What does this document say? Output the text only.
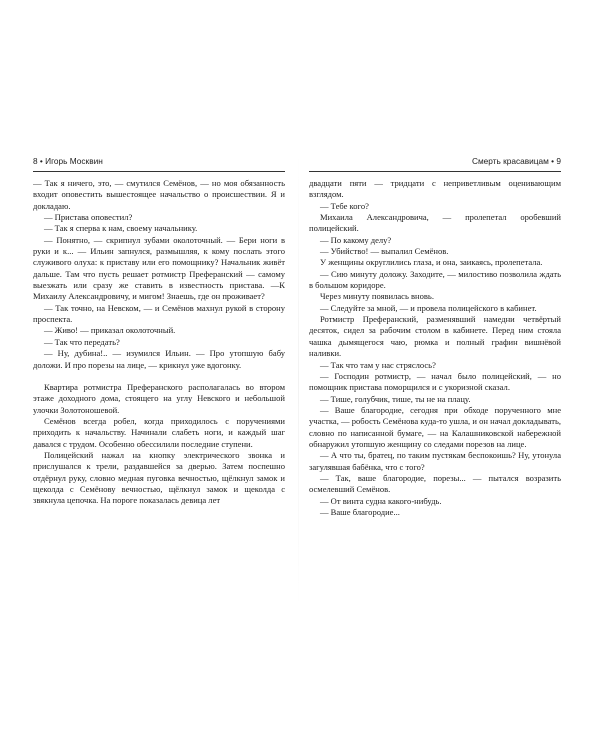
8 • Игорь Москвин

— Так я ничего, это, — смутился Семёнов, — но моя обязанность входит оповестить вышестоящее начальство о происшествии. Я и докладаю.

— Пристава оповестил?

— Так я сперва к нам, своему начальнику.

— Понятно, — скрипнул зубами околоточный. — Бери ноги в руки и к... — Ильин запнулся, размышляя, к кому послать этого служивого олуха: к приставу или его помощнику? Начальник живёт дальше. Там чтo пусть решает ротмистр Преферанский — самому выезжать или сразу же ставить в известность пристава. —К Михаилу Александровичу, и мигом! Знаешь, где он проживает?

— Так точно, на Невском, — и Семёнов махнул рукой в сторону проспекта.

— Живо! — приказал околоточный.

— Так что передать?

— Ну, дубина!.. — изумился Ильин. — Про утопшую бабу доложи. И про порезы на лице, — крикнул уже вдогонку.

Квартира ротмистра Преферанского располагалась во втором этаже доходного дома, стоящего на углу Невского и небольшой улочки Золотоношевой.

Семёнов всегда робел, когда приходилось с поручениями приходить к начальству. Начинали слабеть ноги, и каждый шаг давался с трудом. Особенно обессилили последние ступени.

Полицейский нажал на кнопку электрического звонка и прислушался к трели, раздавшейся за дверью. Затем поспешно отдёрнул руку, словно медная пуговка вечностью, щёлкнул замок и щеколда с Семёнову вечностью, щёлкнул замок и щеколда с звякнула цепочка. На пороге показалась девица лет

Смерть красавицам • 9

двадцати пяти — тридцати с неприветливым оценивающим взглядом.

— Тебе кого?

Михаила Александровича, — пролепетал оробевший полицейский.

— По какому делу?

— Убийство! — выпалил Семёнов.

У женщины округлились глаза, и она, заикаясь, пролепетала.

— Сию минуту доложу. Заходите, — милостиво позволила ждать в большом коридоре.

Через минуту появилась вновь.

— Следуйте за мной, — и провела полицейского в кабинет.

Ротмистр Преферанский, разменявший намедни четвёртый десяток, сидел за рабочим столом в кабинете. Перед ним стояла чашка дымящегося чаю, рюмка и полный графин вишнёвой наливки.

— Так что там у нас стряслось?

— Господин ротмистр, — начал было полицейский, — но помощник пристава поморщился и с укоризной сказал.

— Тише, голубчик, тише, ты не на плацу.

— Ваше благородие, сегодня при обходе порученного мне участка, — робость Семёнова куда-то ушла, и он начал докладывать, словно по написанной бумаге, — на Калашниковской набережной обнаружил утопшую женщину со следами порезов на лице.

— А что ты, братец, по таким пустякам беспокоишь? Ну, утонула загулявшая бабёнка, что с того?

— Так, ваше благородие, порезы... — пытался возразить осмелевший Семёнов.

— От винта судна какого-нибудь.

— Ваше благородие...
